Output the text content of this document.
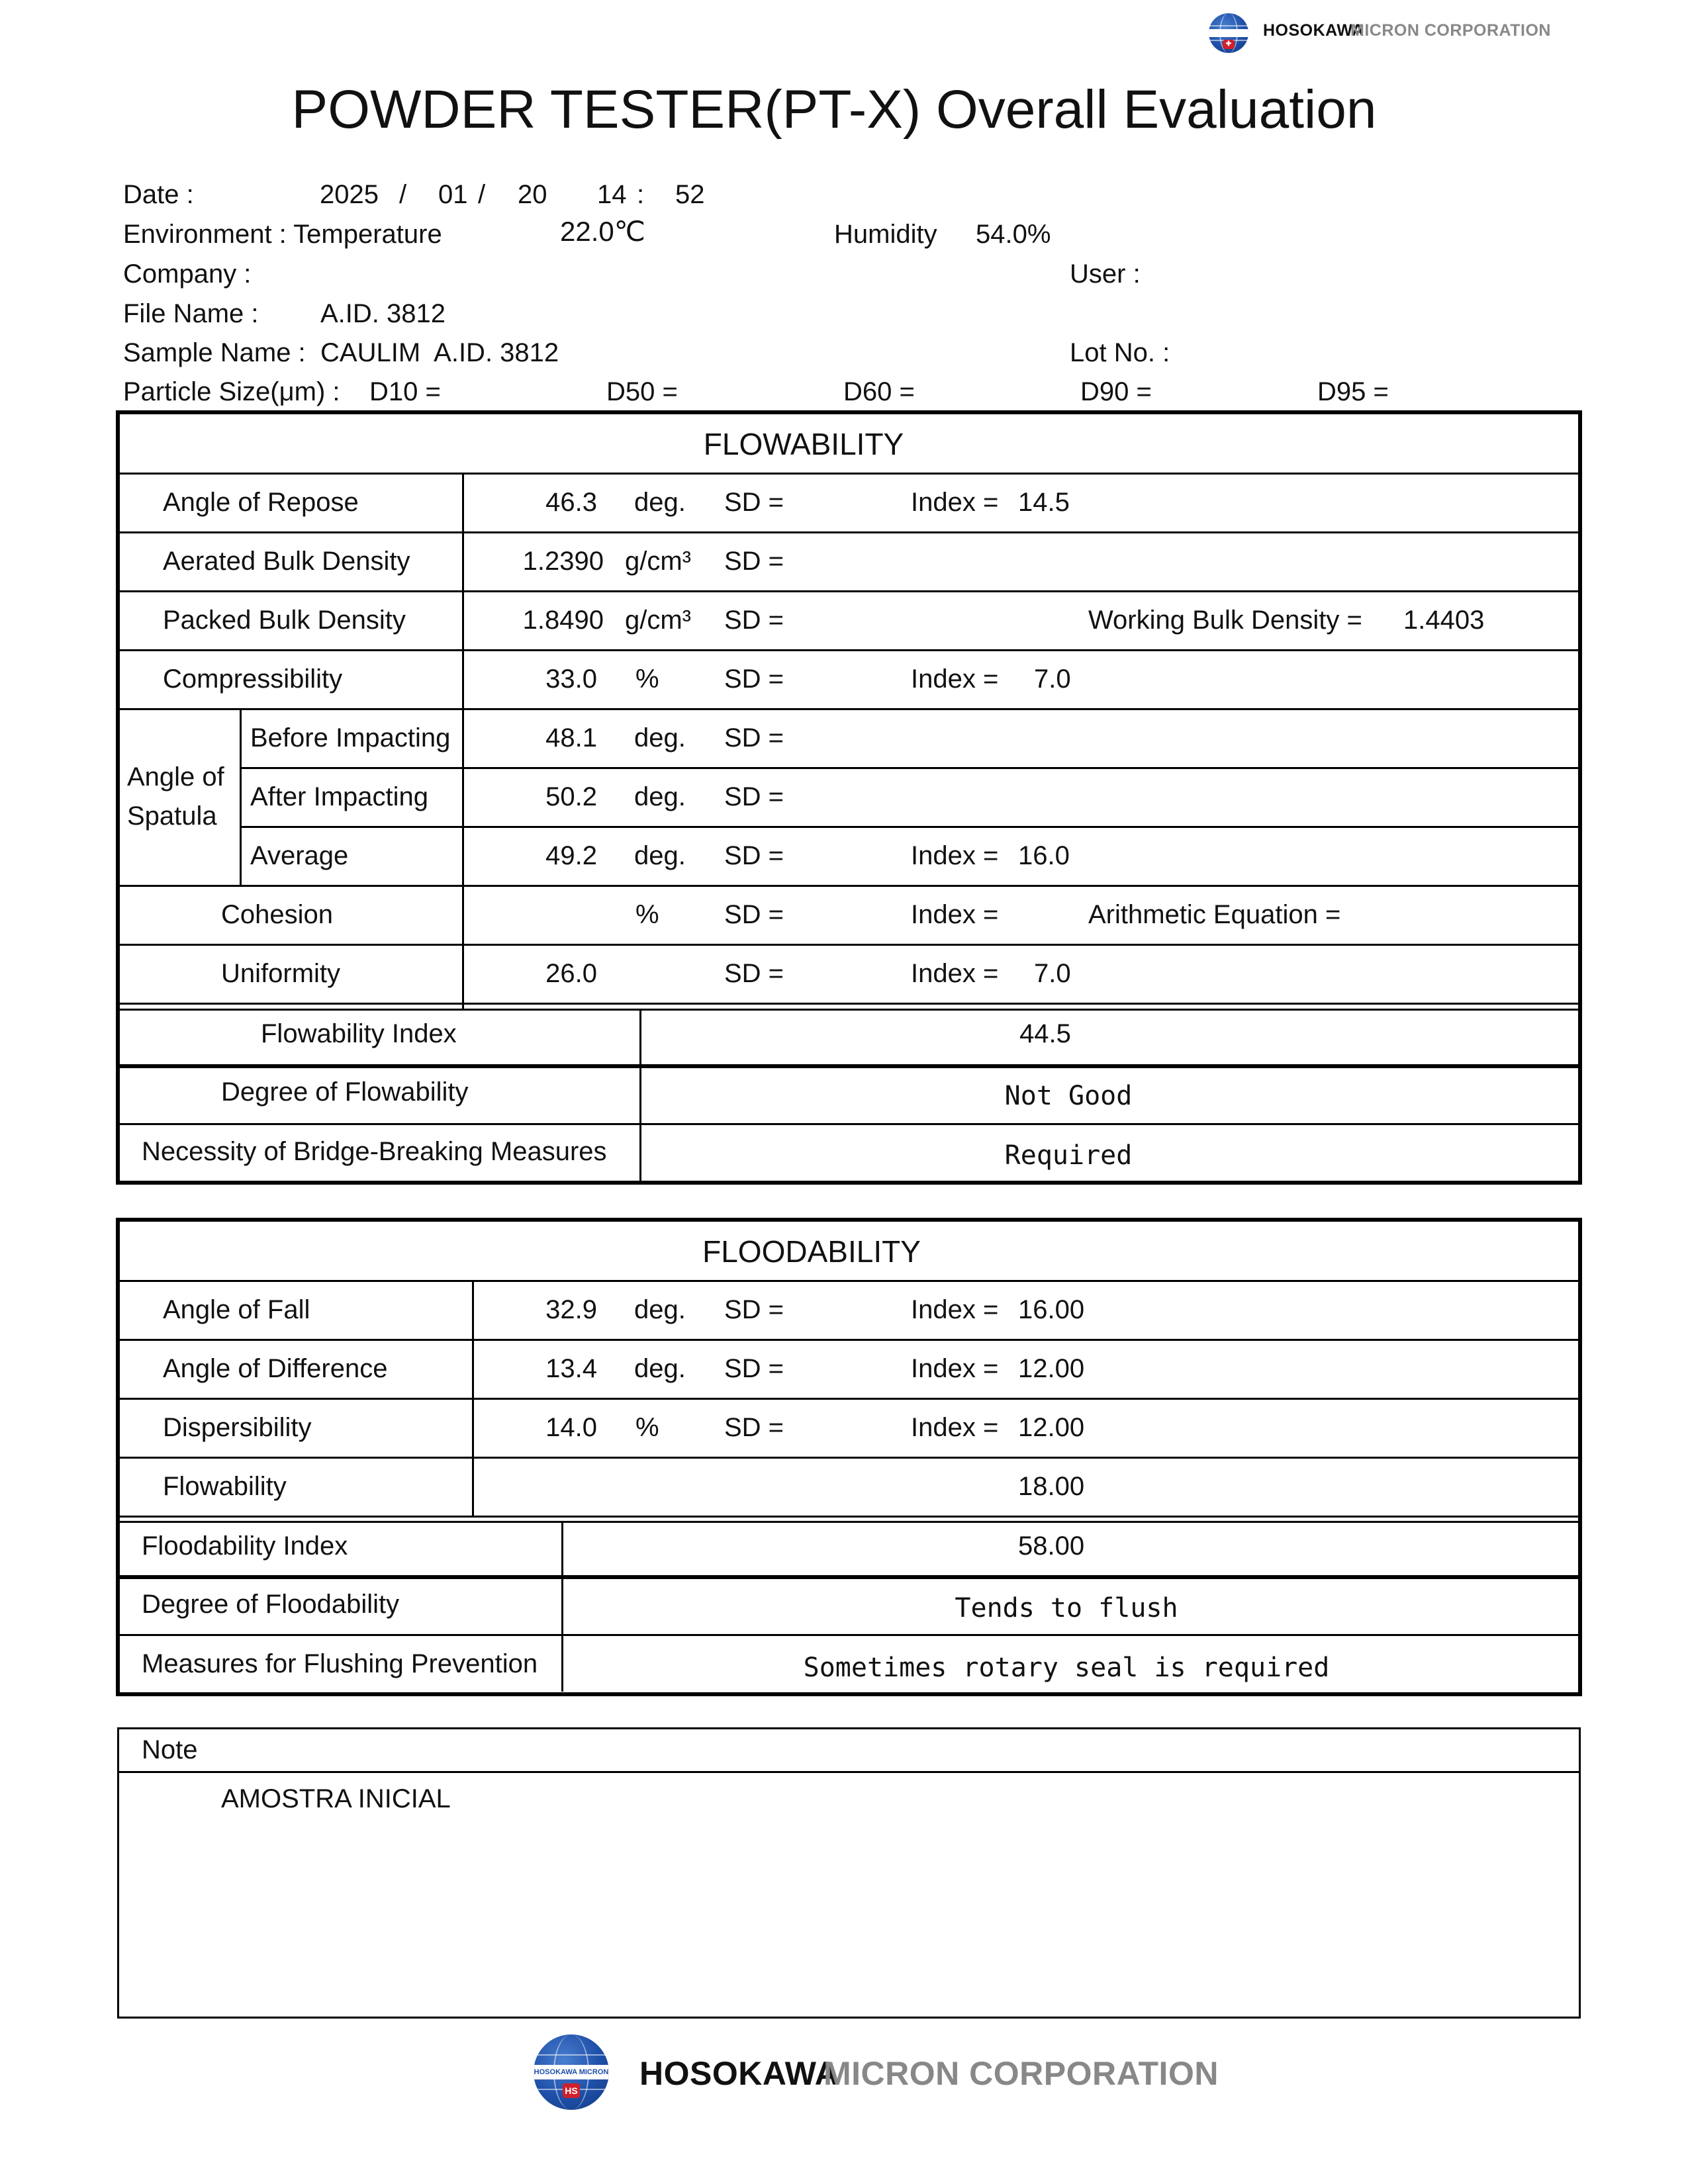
✚
HOSOKAWA
MICRON CORPORATION
POWDER TESTER(PT-X) Overall Evaluation
Date :	2025 / 01 / 20 14 : 52
Environment : Temperature	22.0℃	Humidity 54.0%
Company :	User :
File Name : A.ID. 3812
Sample Name : CAULIM  A.ID. 3812	Lot No. :
Particle Size(μm) : D10 =	D50 =	D60 =	D90 =	D95 =
FLOWABILITY
Angle of Repose	46.3 deg. SD =	Index = 14.5
Aerated Bulk Density	1.2390 g/cm³ SD =
Packed Bulk Density	1.8490 g/cm³ SD =	Working Bulk Density = 1.4403
Compressibility	33.0 % SD =	Index = 7.0
Angle of
Spatula
Before Impacting	48.1 deg. SD =
After Impacting	50.2 deg. SD =
Average	49.2 deg. SD =	Index = 16.0
Cohesion	% SD =	Index =	Arithmetic Equation =
Uniformity	26.0	SD =	Index = 7.0
Flowability Index	44.5
Degree of Flowability	Not Good
Necessity of Bridge-Breaking Measures	Required
FLOODABILITY
Angle of Fall	32.9 deg. SD =	Index = 16.00
Angle of Difference	13.4 deg. SD =	Index = 12.00
Dispersibility	14.0 % SD =	Index = 12.00
Flowability	18.00
Floodability Index	58.00
Degree of Floodability	Tends to flush
Measures for Flushing Prevention	Sometimes rotary seal is required
Note
AMOSTRA INICIAL
HOSOKAWA MICRON
HS HOSOKAWA
MICRON CORPORATION
